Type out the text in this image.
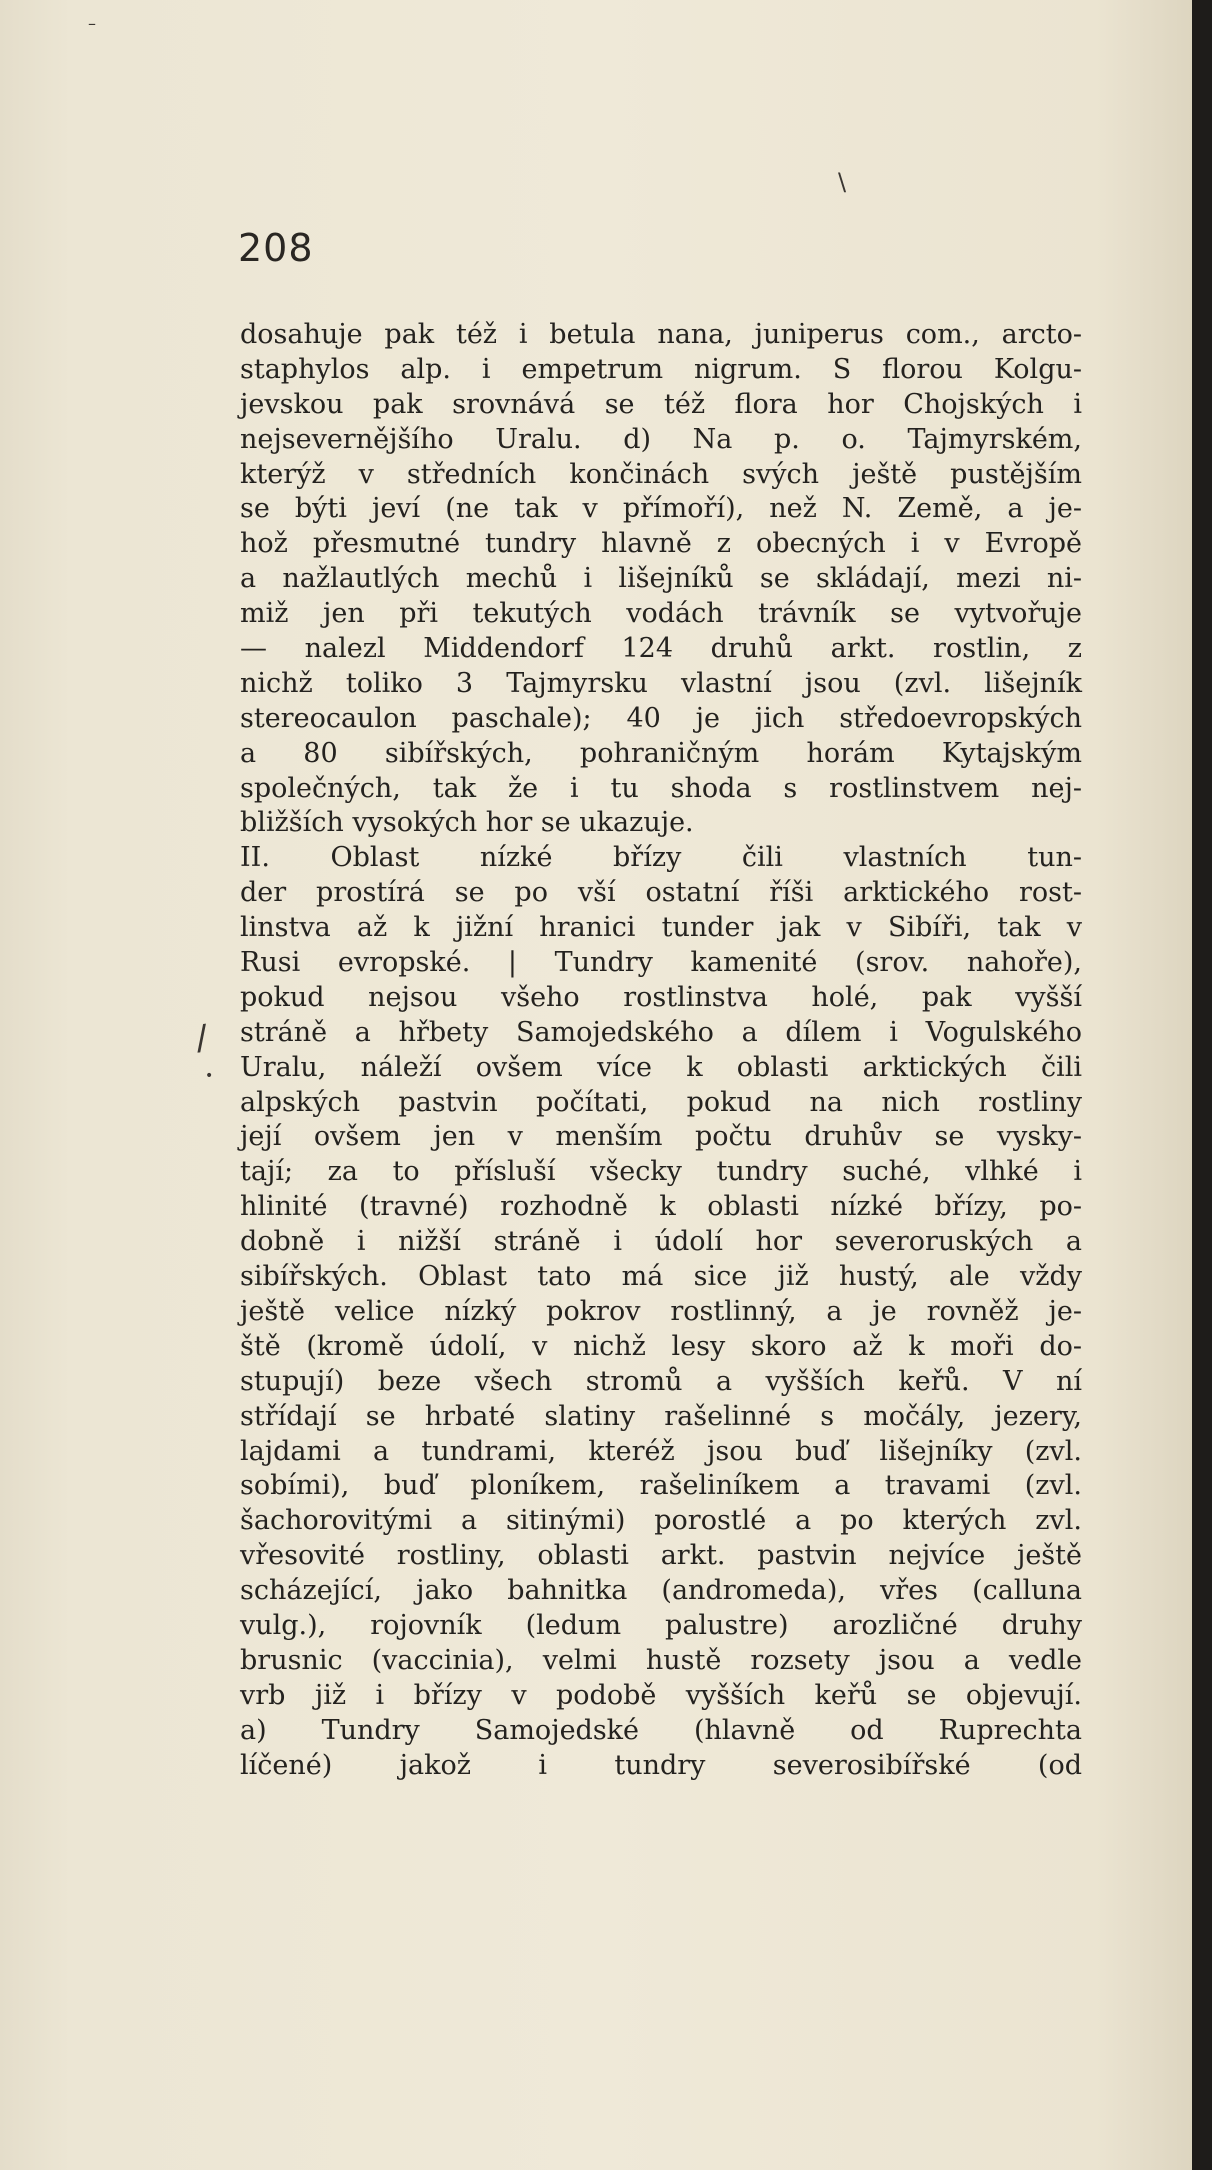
–
\
208
/
•
dosahuje pak též i betula nana, juniperus com., arcto-
staphylos alp. i empetrum nigrum. S florou Kolgu-
jevskou pak srovnává se též flora hor Chojských i
nejsevernějšího Uralu. d) Na p. o. Tajmyrském,
kterýž v středních končinách svých ještě pustějším
se býti jeví (ne tak v přímoří), než N. Země, a je-
hož přesmutné tundry hlavně z obecných i v Evropě
a nažlautlých mechů i lišejníků se skládají, mezi ni-
miž jen při tekutých vodách trávník se vytvořuje
— nalezl Middendorf 124 druhů arkt. rostlin, z
nichž toliko 3 Tajmyrsku vlastní jsou (zvl. lišejník
stereocaulon paschale); 40 je jich středoevropských
a 80 sibířských, pohraničným horám Kytajským
společných, tak že i tu shoda s rostlinstvem nej-
bližších vysokých hor se ukazuje.
II. Oblast nízké břízy čili vlastních tun-
der prostírá se po vší ostatní říši arktického rost-
linstva až k jižní hranici tunder jak v Sibíři, tak v
Rusi evropské. | Tundry kamenité (srov. nahoře),
pokud nejsou všeho rostlinstva holé, pak vyšší
stráně a hřbety Samojedského a dílem i Vogulského
Uralu, náleží ovšem více k oblasti arktických čili
alpských pastvin počítati, pokud na nich rostliny
její ovšem jen v menším počtu druhův se vysky-
tají; za to přísluší všecky tundry suché, vlhké i
hlinité (travné) rozhodně k oblasti nízké břízy, po-
dobně i nižší stráně i údolí hor severoruských a
sibířských. Oblast tato má sice již hustý, ale vždy
ještě velice nízký pokrov rostlinný, a je rovněž je-
ště (kromě údolí, v nichž lesy skoro až k moři do-
stupují) beze všech stromů a vyšších keřů. V ní
střídají se hrbaté slatiny rašelinné s močály, jezery,
lajdami a tundrami, kteréž jsou buď lišejníky (zvl.
sobími), buď ploníkem, rašeliníkem a travami (zvl.
šachorovitými a sitinými) porostlé a po kterých zvl.
vřesovité rostliny, oblasti arkt. pastvin nejvíce ještě
scházející, jako bahnitka (andromeda), vřes (calluna
vulg.), rojovník (ledum palustre) arozličné druhy
brusnic (vaccinia), velmi hustě rozsety jsou a vedle
vrb již i břízy v podobě vyšších keřů se objevují.
a) Tundry Samojedské (hlavně od Ruprechta
líčené) jakož i tundry severosibířské (od
